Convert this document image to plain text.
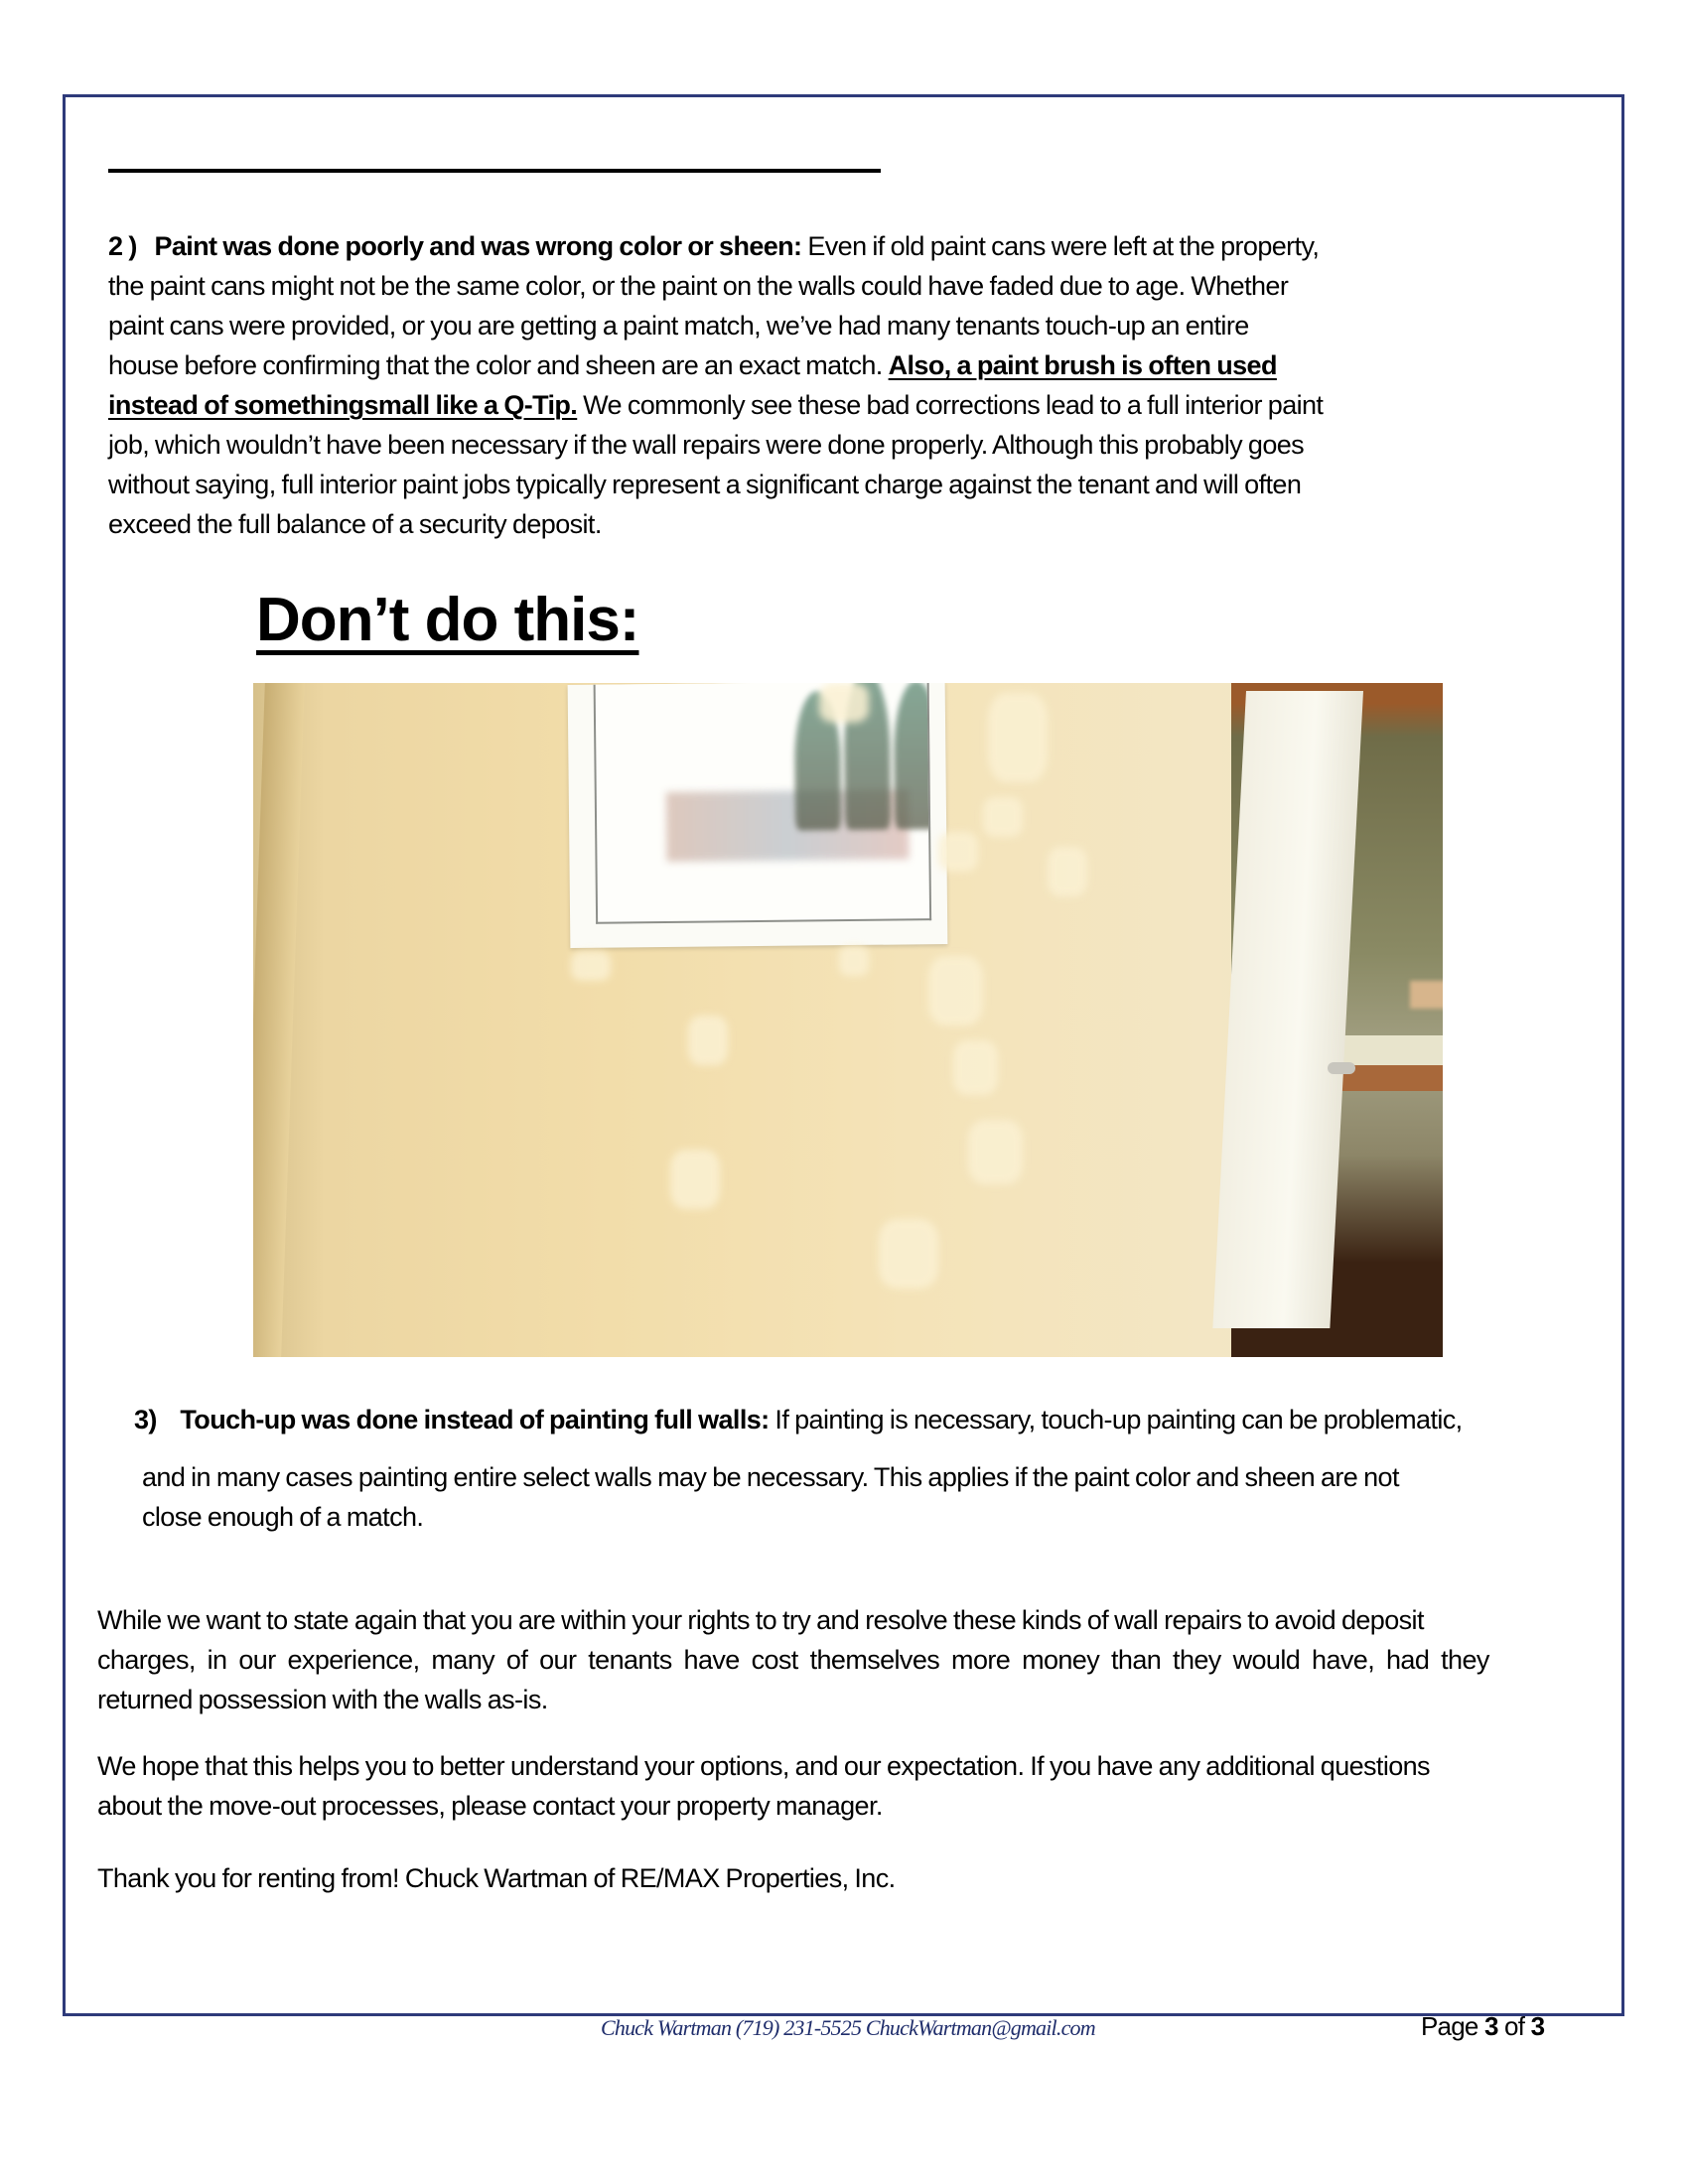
2 ) Paint was done poorly and was wrong color or sheen: Even if old paint cans were left at the property,
the paint cans might not be the same color, or the paint on the walls could have faded due to age. Whether
paint cans were provided, or you are getting a paint match, we’ve had many tenants touch-up an entire
house before confirming that the color and sheen are an exact match. Also, a paint brush is often used
instead of somethingsmall like a Q-Tip. We commonly see these bad corrections lead to a full interior paint
job, which wouldn’t have been necessary if the wall repairs were done properly. Although this probably goes
without saying, full interior paint jobs typically represent a significant charge against the tenant and will often
exceed the full balance of a security deposit.
Don’t do this:
3) Touch-up was done instead of painting full walls: If painting is necessary, touch-up painting can be problematic,
and in many cases painting entire select walls may be necessary. This applies if the paint color and sheen are not
close enough of a match.
While we want to state again that you are within your rights to try and resolve these kinds of wall repairs to avoid deposit
charges, in our experience, many of our tenants have cost themselves more money than they would have, had they
returned possession with the walls as-is.
We hope that this helps you to better understand your options, and our expectation. If you have any additional questions
about the move-out processes, please contact your property manager.
Thank you for renting from! Chuck Wartman of RE/MAX Properties, Inc.
Chuck Wartman (719) 231-5525 ChuckWartman@gmail.com	Page 3 of 3
